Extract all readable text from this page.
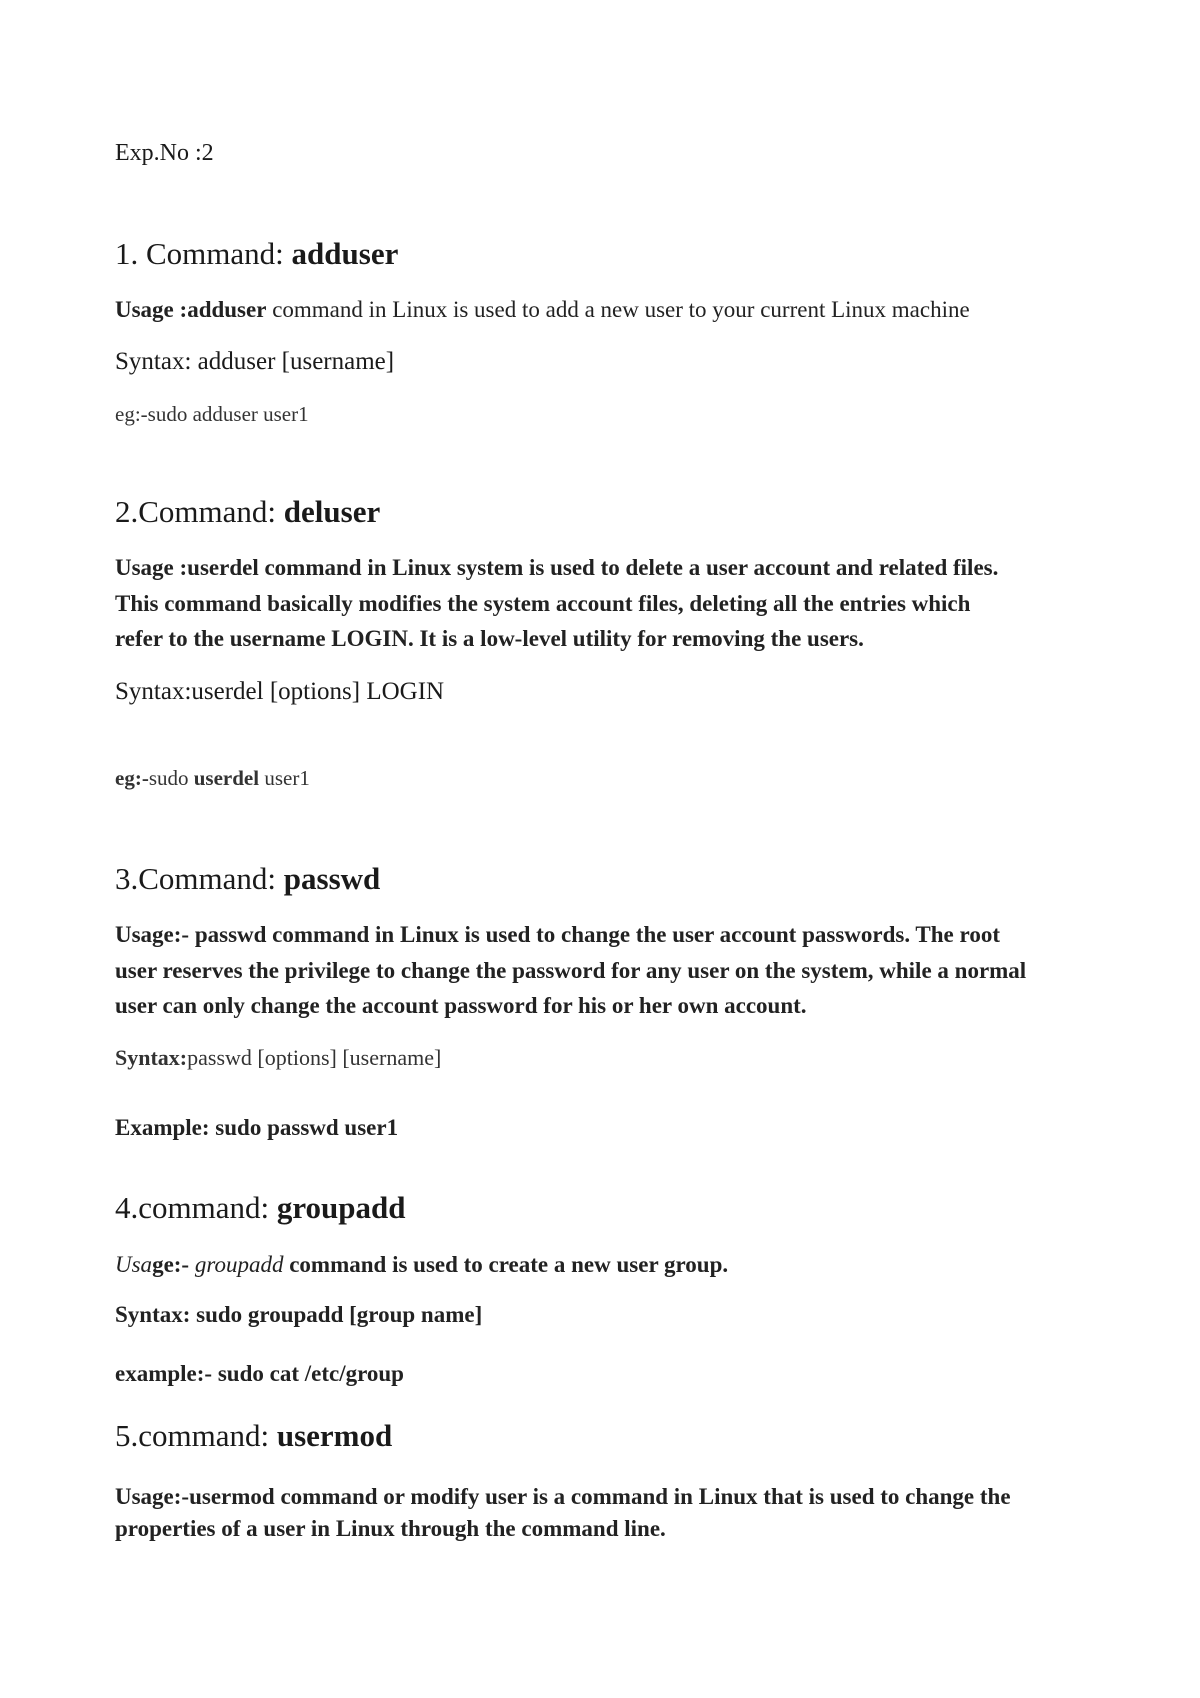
Exp.No :2

1. Command: adduser

Usage :adduser command in Linux is used to add a new user to your current Linux machine

Syntax: adduser [username]

eg:-sudo adduser user1

2.Command: deluser

Usage :userdel command in Linux system is used to delete a user account and related files.

This command basically modifies the system account files, deleting all the entries which

refer to the username LOGIN. It is a low-level utility for removing the users.

Syntax:userdel [options] LOGIN

eg:-sudo userdel user1

3.Command: passwd

Usage:- passwd command in Linux is used to change the user account passwords. The root

user reserves the privilege to change the password for any user on the system, while a normal

user can only change the account password for his or her own account.

Syntax:passwd [options] [username]

Example: sudo passwd user1

4.command: groupadd

Usage:- groupadd command is used to create a new user group.

Syntax: sudo groupadd [group name]

example:- sudo cat /etc/group

5.command: usermod

Usage:-usermod command or modify user is a command in Linux that is used to change the

properties of a user in Linux through the command line.
